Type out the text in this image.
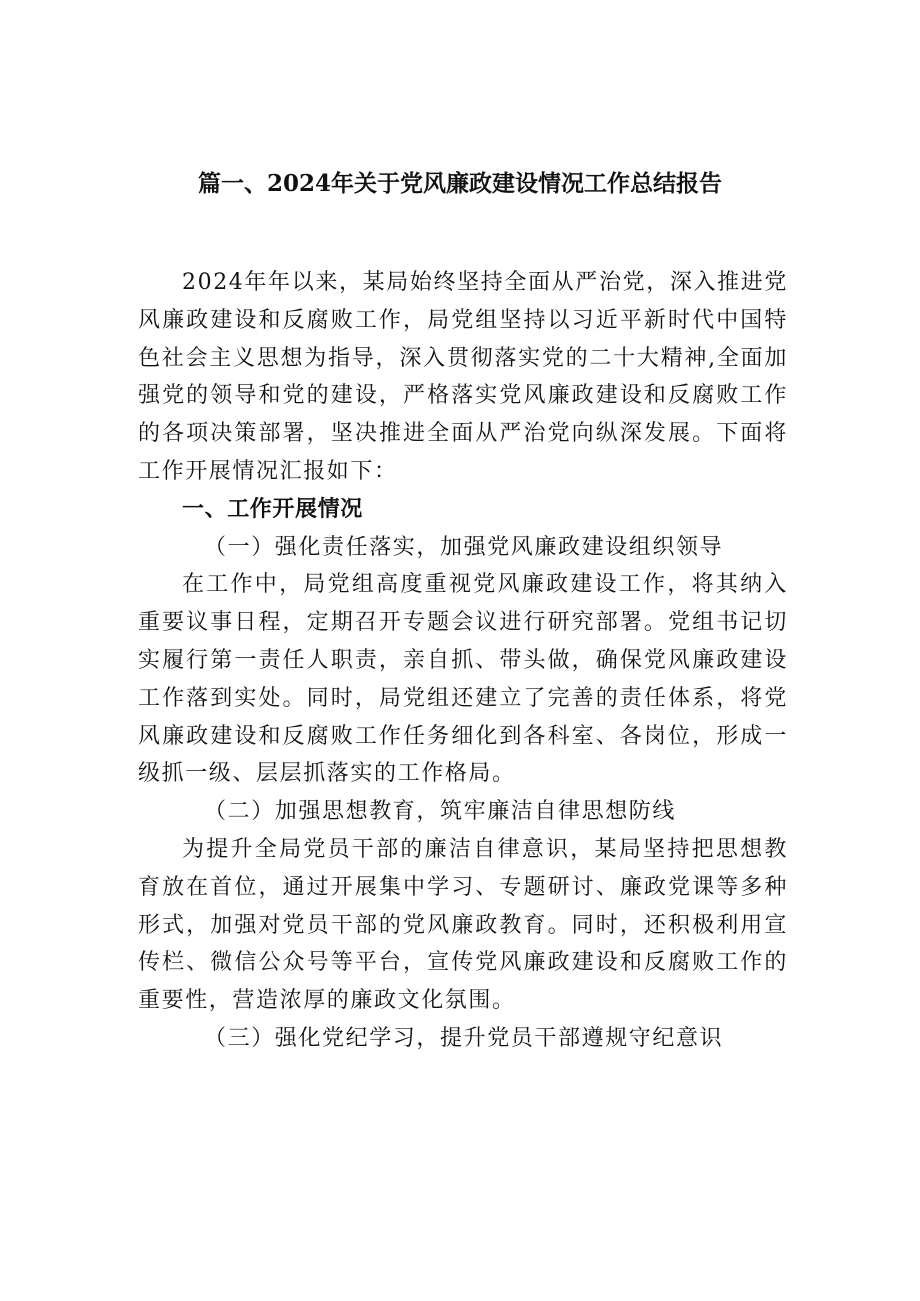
篇一、2024年关于党风廉政建设情况工作总结报告

2024年年以来，某局始终坚持全面从严治党，深入推进党风廉政建设和反腐败工作，局党组坚持以习近平新时代中国特色社会主义思想为指导，深入贯彻落实党的二十大精神,全面加强党的领导和党的建设，严格落实党风廉政建设和反腐败工作的各项决策部署，坚决推进全面从严治党向纵深发展。下面将工作开展情况汇报如下：

一、工作开展情况

（一）强化责任落实，加强党风廉政建设组织领导

在工作中，局党组高度重视党风廉政建设工作，将其纳入重要议事日程，定期召开专题会议进行研究部署。党组书记切实履行第一责任人职责，亲自抓、带头做，确保党风廉政建设工作落到实处。同时，局党组还建立了完善的责任体系，将党风廉政建设和反腐败工作任务细化到各科室、各岗位，形成一级抓一级、层层抓落实的工作格局。

（二）加强思想教育，筑牢廉洁自律思想防线

为提升全局党员干部的廉洁自律意识，某局坚持把思想教育放在首位，通过开展集中学习、专题研讨、廉政党课等多种形式，加强对党员干部的党风廉政教育。同时，还积极利用宣传栏、微信公众号等平台，宣传党风廉政建设和反腐败工作的重要性，营造浓厚的廉政文化氛围。

（三）强化党纪学习，提升党员干部遵规守纪意识
